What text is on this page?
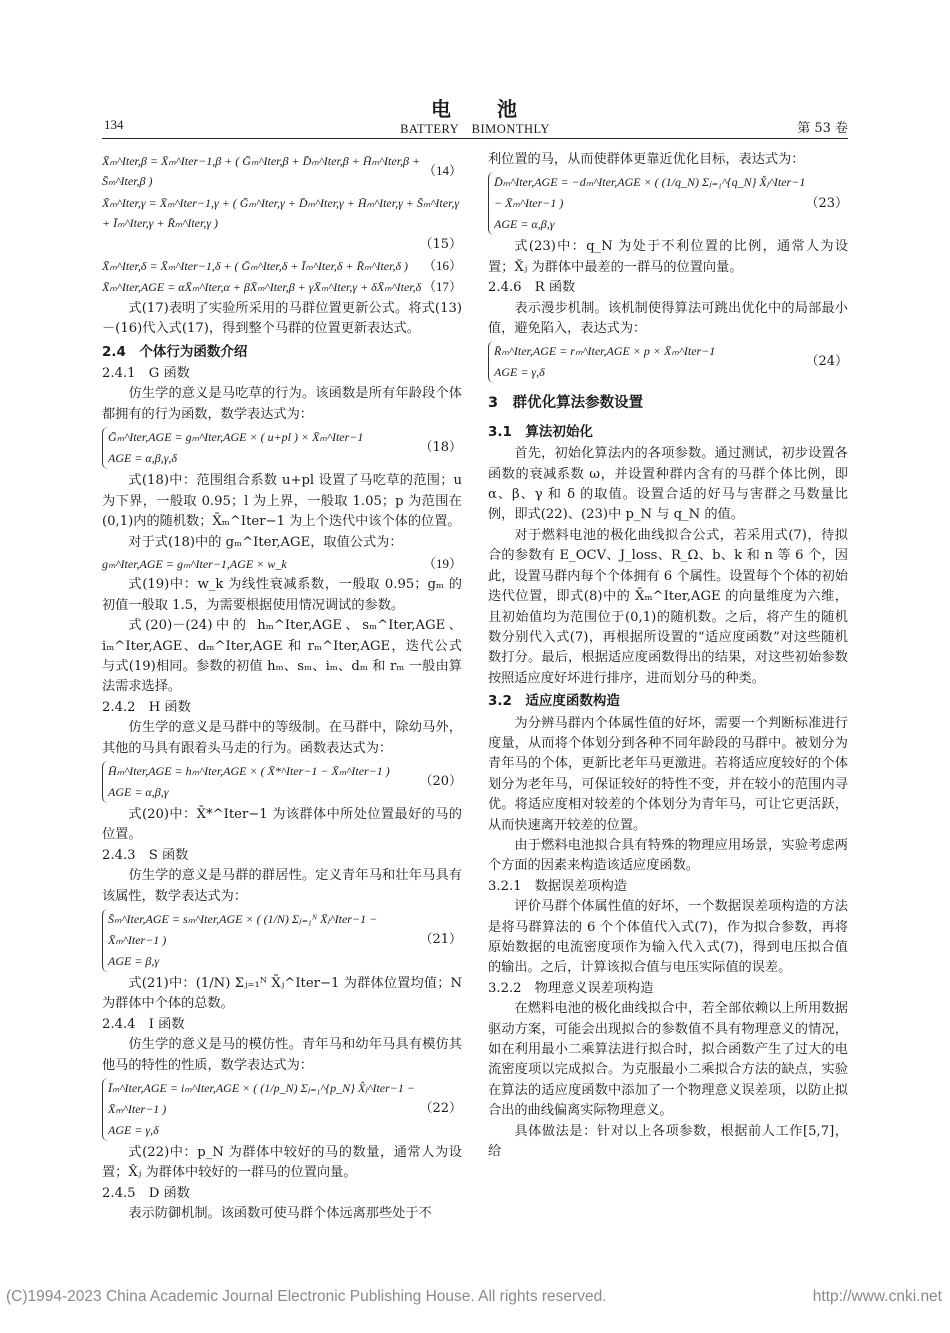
电　　池
134	BATTERY　BIMONTHLY	第 53 卷
X̄ₘ^Iter,β = X̄ₘ^Iter−1,β + ( Ḡₘ^Iter,β + D̄ₘ^Iter,β + H̄ₘ^Iter,β + S̄ₘ^Iter,β )
（14）
X̄ₘ^Iter,γ = X̄ₘ^Iter−1,γ + ( Ḡₘ^Iter,γ + D̄ₘ^Iter,γ + H̄ₘ^Iter,γ + S̄ₘ^Iter,γ + Īₘ^Iter,γ + R̄ₘ^Iter,γ )
（15）
X̄ₘ^Iter,δ = X̄ₘ^Iter−1,δ + ( Ḡₘ^Iter,δ + Īₘ^Iter,δ + R̄ₘ^Iter,δ ) （16）
X̄ₘ^Iter,AGE = αX̄ₘ^Iter,α + βX̄ₘ^Iter,β + γX̄ₘ^Iter,γ + δX̄ₘ^Iter,δ （17）

式(17)表明了实验所采用的马群位置更新公式。将式(13)－(16)代入式(17)，得到整个马群的位置更新表达式。

2.4　个体行为函数介绍
2.4.1　G 函数

仿生学的意义是马吃草的行为。该函数是所有年龄段个体都拥有的行为函数，数学表达式为：

Ḡₘ^Iter,AGE = gₘ^Iter,AGE × ( u+pl ) × X̄ₘ^Iter−1
AGE = α,β,γ,δ
（18）

式(18)中：范围组合系数 u+pl 设置了马吃草的范围；u 为下界，一般取 0.95；l 为上界，一般取 1.05；p 为范围在(0,1)内的随机数；X̄ₘ^Iter−1 为上个迭代中该个体的位置。

对于式(18)中的 gₘ^Iter,AGE，取值公式为：

gₘ^Iter,AGE = gₘ^Iter−1,AGE × w_k	（19）

式(19)中：w_k 为线性衰减系数，一般取 0.95；gₘ 的初值一般取 1.5，为需要根据使用情况调试的参数。

式(20)－(24)中的 hₘ^Iter,AGE、sₘ^Iter,AGE、iₘ^Iter,AGE、dₘ^Iter,AGE 和 rₘ^Iter,AGE，迭代公式与式(19)相同。参数的初值 hₘ、sₘ、iₘ、dₘ 和 rₘ 一般由算法需求选择。

2.4.2　H 函数

仿生学的意义是马群中的等级制。在马群中，除幼马外，其他的马具有跟着头马走的行为。函数表达式为：

H̄ₘ^Iter,AGE = hₘ^Iter,AGE × ( X̄*^Iter−1 − X̄ₘ^Iter−1 )
AGE = α,β,γ
（20）

式(20)中：X̄*^Iter−1 为该群体中所处位置最好的马的位置。

2.4.3　S 函数

仿生学的意义是马群的群居性。定义青年马和壮年马具有该属性，数学表达式为：

S̄ₘ^Iter,AGE = sₘ^Iter,AGE × ( (1/N) Σⱼ₌₁ᴺ X̄ⱼ^Iter−1 − X̄ₘ^Iter−1 )
AGE = β,γ
（21）

式(21)中：(1/N) Σⱼ₌₁ᴺ X̄ⱼ^Iter−1 为群体位置均值；N 为群体中个体的总数。

2.4.4　I 函数

仿生学的意义是马的模仿性。青年马和幼年马具有模仿其他马的特性的性质，数学表达式为：

Īₘ^Iter,AGE = iₘ^Iter,AGE × ( (1/p_N) Σⱼ₌₁^{p_N} X̂ⱼ^Iter−1 − X̄ₘ^Iter−1 )
AGE = γ,δ
（22）

式(22)中：p_N 为群体中较好的马的数量，通常人为设置；X̂ⱼ 为群体中较好的一群马的位置向量。

2.4.5　D 函数

表示防御机制。该函数可使马群个体远离那些处于不

利位置的马，从而使群体更靠近优化目标，表达式为：

D̄ₘ^Iter,AGE = −dₘ^Iter,AGE × ( (1/q_N) Σⱼ₌₁^{q_N} X̌ⱼ^Iter−1 − X̄ₘ^Iter−1 )
AGE = α,β,γ
（23）

式(23)中：q_N 为处于不利位置的比例，通常人为设置；X̌ⱼ 为群体中最差的一群马的位置向量。

2.4.6　R 函数

表示漫步机制。该机制使得算法可跳出优化中的局部最小值，避免陷入，表达式为：

R̄ₘ^Iter,AGE = rₘ^Iter,AGE × p × X̄ₘ^Iter−1
AGE = γ,δ
（24）
3　群优化算法参数设置
3.1　算法初始化

首先，初始化算法内的各项参数。通过测试，初步设置各函数的衰减系数 ω，并设置种群内含有的马群个体比例，即 α、β、γ 和 δ 的取值。设置合适的好马与害群之马数量比例，即式(22)、(23)中 p_N 与 q_N 的值。

对于燃料电池的极化曲线拟合公式，若采用式(7)，待拟合的参数有 E_OCV、J_loss、R_Ω、b、k 和 n 等 6 个，因此，设置马群内每个个体拥有 6 个属性。设置每个个体的初始迭代位置，即式(8)中的 X̄ₘ^Iter,AGE 的向量维度为六维，且初始值均为范围位于(0,1)的随机数。之后，将产生的随机数分别代入式(7)，再根据所设置的“适应度函数”对这些随机数打分。最后，根据适应度函数得出的结果，对这些初始参数按照适应度好坏进行排序，进而划分马的种类。

3.2　适应度函数构造

为分辨马群内个体属性值的好坏，需要一个判断标准进行度量，从而将个体划分到各种不同年龄段的马群中。被划分为青年马的个体，更新比老年马更激进。若将适应度较好的个体划分为老年马，可保证较好的特性不变，并在较小的范围内寻优。将适应度相对较差的个体划分为青年马，可让它更活跃，从而快速离开较差的位置。

由于燃料电池拟合具有特殊的物理应用场景，实验考虑两个方面的因素来构造该适应度函数。

3.2.1　数据误差项构造

评价马群个体属性值的好坏，一个数据误差项构造的方法是将马群算法的 6 个个体值代入式(7)，作为拟合参数，再将原始数据的电流密度项作为输入代入式(7)，得到电压拟合值的输出。之后，计算该拟合值与电压实际值的误差。

3.2.2　物理意义误差项构造

在燃料电池的极化曲线拟合中，若全部依赖以上所用数据驱动方案，可能会出现拟合的参数值不具有物理意义的情况，如在利用最小二乘算法进行拟合时，拟合函数产生了过大的电流密度项以完成拟合。为克服最小二乘拟合方法的缺点，实验在算法的适应度函数中添加了一个物理意义误差项，以防止拟合出的曲线偏离实际物理意义。

具体做法是：针对以上各项参数，根据前人工作[5,7]，给

(C)1994-2023 China Academic Journal Electronic Publishing House. All rights reserved.	http://www.cnki.net
